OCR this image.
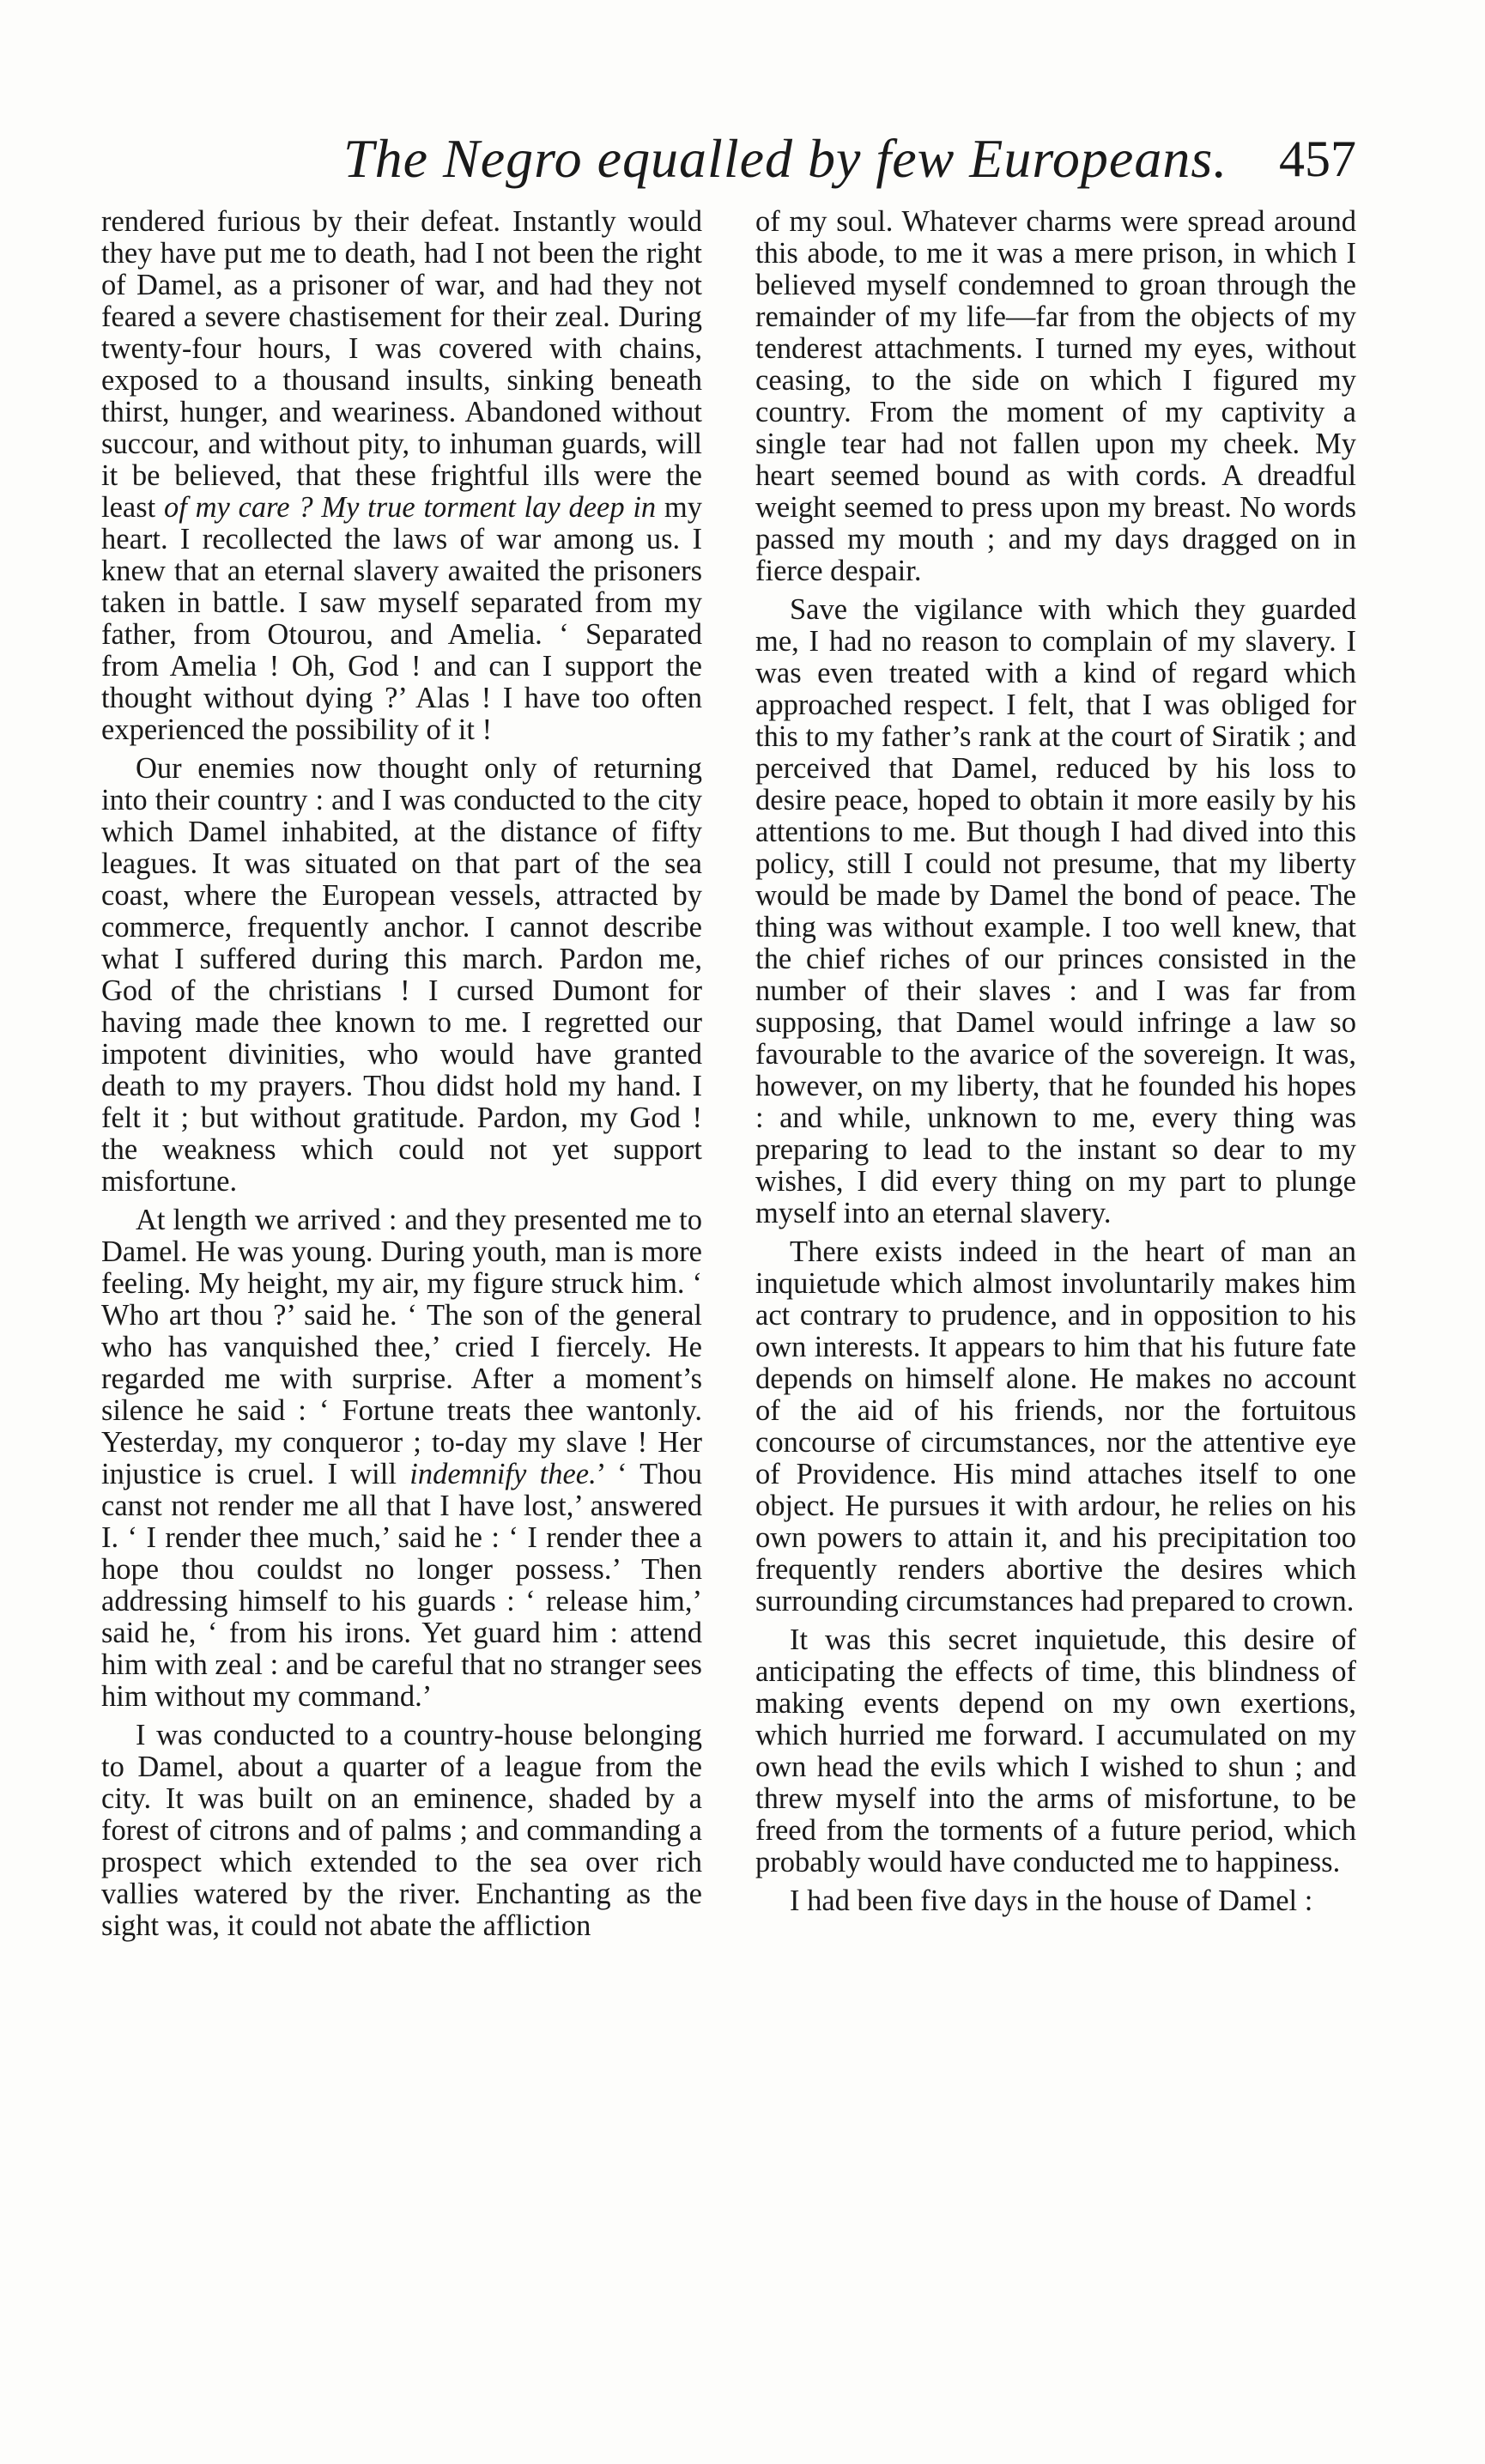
The Negro equalled by few Europeans. 457

rendered furious by their defeat. Instantly would they have put me to death, had I not been the right of Damel, as a prisoner of war, and had they not feared a severe chastisement for their zeal. During twenty-four hours, I was covered with chains, exposed to a thousand insults, sinking beneath thirst, hunger, and weariness. Abandoned without succour, and without pity, to inhuman guards, will it be believed, that these frightful ills were the least of my care ? My true torment lay deep in my heart. I recollected the laws of war among us. I knew that an eternal slavery awaited the prisoners taken in battle. I saw myself separated from my father, from Otourou, and Amelia. ‘ Separated from Amelia ! Oh, God ! and can I support the thought without dying ?’ Alas ! I have too often experienced the possibility of it !

Our enemies now thought only of returning into their country : and I was conducted to the city which Damel inhabited, at the distance of fifty leagues. It was situated on that part of the sea coast, where the European vessels, attracted by commerce, frequently anchor. I cannot describe what I suffered during this march. Pardon me, God of the christians ! I cursed Dumont for having made thee known to me. I regretted our impotent divinities, who would have granted death to my prayers. Thou didst hold my hand. I felt it ; but without gratitude. Pardon, my God ! the weakness which could not yet support misfortune.

At length we arrived : and they presented me to Damel. He was young. During youth, man is more feeling. My height, my air, my figure struck him. ‘ Who art thou ?’ said he. ‘ The son of the general who has vanquished thee,’ cried I fiercely. He regarded me with surprise. After a moment’s silence he said : ‘ Fortune treats thee wantonly. Yesterday, my conqueror ; to-day my slave ! Her injustice is cruel. I will indemnify thee.’ ‘ Thou canst not render me all that I have lost,’ answered I. ‘ I render thee much,’ said he : ‘ I render thee a hope thou couldst no longer possess.’ Then addressing himself to his guards : ‘ release him,’ said he, ‘ from his irons. Yet guard him : attend him with zeal : and be careful that no stranger sees him without my command.’

I was conducted to a country-house belonging to Damel, about a quarter of a league from the city. It was built on an eminence, shaded by a forest of citrons and of palms ; and commanding a prospect which extended to the sea over rich vallies watered by the river. Enchanting as the sight was, it could not abate the affliction

of my soul. Whatever charms were spread around this abode, to me it was a mere prison, in which I believed myself condemned to groan through the remainder of my life—far from the objects of my tenderest attachments. I turned my eyes, without ceasing, to the side on which I figured my country. From the moment of my captivity a single tear had not fallen upon my cheek. My heart seemed bound as with cords. A dreadful weight seemed to press upon my breast. No words passed my mouth ; and my days dragged on in fierce despair.

Save the vigilance with which they guarded me, I had no reason to complain of my slavery. I was even treated with a kind of regard which approached respect. I felt, that I was obliged for this to my father’s rank at the court of Siratik ; and perceived that Damel, reduced by his loss to desire peace, hoped to obtain it more easily by his attentions to me. But though I had dived into this policy, still I could not presume, that my liberty would be made by Damel the bond of peace. The thing was without example. I too well knew, that the chief riches of our princes consisted in the number of their slaves : and I was far from supposing, that Damel would infringe a law so favourable to the avarice of the sovereign. It was, however, on my liberty, that he founded his hopes : and while, unknown to me, every thing was preparing to lead to the instant so dear to my wishes, I did every thing on my part to plunge myself into an eternal slavery.

There exists indeed in the heart of man an inquietude which almost involuntarily makes him act contrary to prudence, and in opposition to his own interests. It appears to him that his future fate depends on himself alone. He makes no account of the aid of his friends, nor the fortuitous concourse of circumstances, nor the attentive eye of Providence. His mind attaches itself to one object. He pursues it with ardour, he relies on his own powers to attain it, and his precipitation too frequently renders abortive the desires which surrounding circumstances had prepared to crown.

It was this secret inquietude, this desire of anticipating the effects of time, this blindness of making events depend on my own exertions, which hurried me forward. I accumulated on my own head the evils which I wished to shun ; and threw myself into the arms of misfortune, to be freed from the torments of a future period, which probably would have conducted me to happiness.

I had been five days in the house of Damel :
